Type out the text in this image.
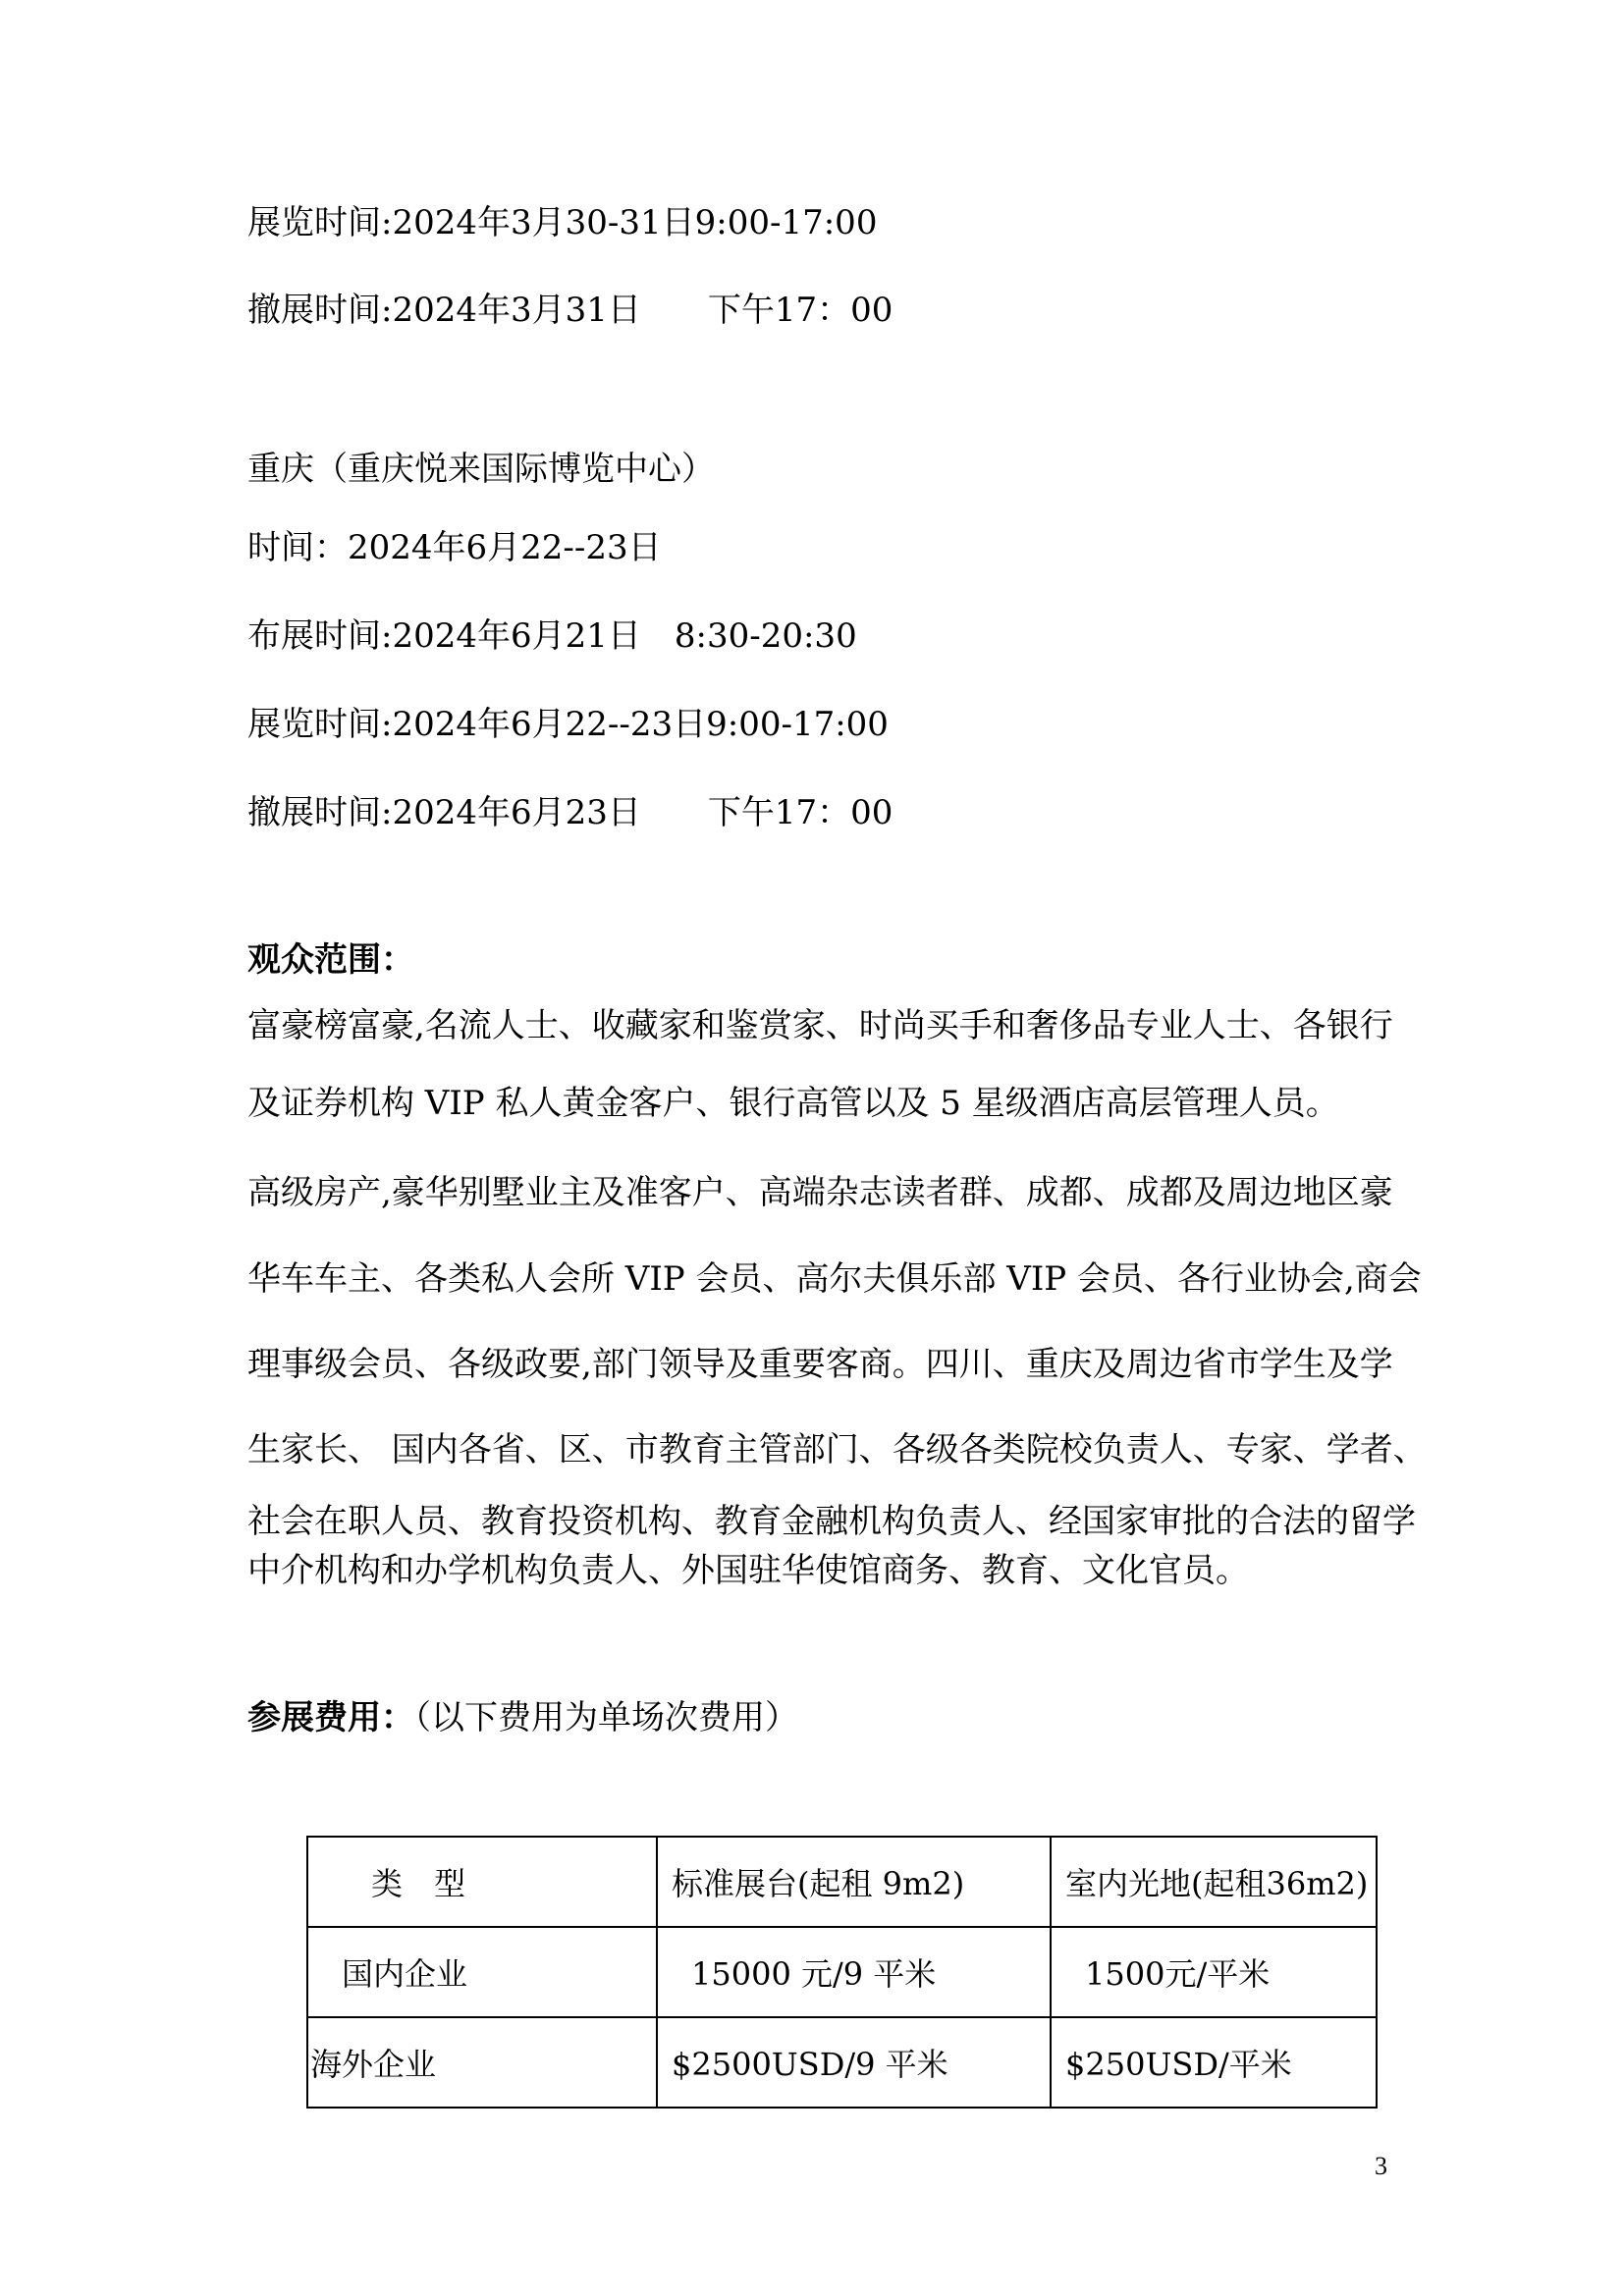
展览时间:2024年3月30-31日9:00-17:00

撤展时间:2024年3月31日　　下午17：00

重庆（重庆悦来国际博览中心）

时间：2024年6月22--23日

布展时间:2024年6月21日　8:30-20:30

展览时间:2024年6月22--23日9:00-17:00

撤展时间:2024年6月23日　　下午17：00

观众范围：

富豪榜富豪,名流人士、收藏家和鉴赏家、时尚买手和奢侈品专业人士、各银行

及证券机构 VIP 私人黄金客户、银行高管以及 5 星级酒店高层管理人员。

高级房产,豪华别墅业主及准客户、高端杂志读者群、成都、成都及周边地区豪

华车车主、各类私人会所 VIP 会员、高尔夫俱乐部 VIP 会员、各行业协会,商会

理事级会员、各级政要,部门领导及重要客商。四川、重庆及周边省市学生及学

生家长、 国内各省、区、市教育主管部门、各级各类院校负责人、专家、学者、

社会在职人员、教育投资机构、教育金融机构负责人、经国家审批的合法的留学

中介机构和办学机构负责人、外国驻华使馆商务、教育、文化官员。

参展费用：（以下费用为单场次费用）

类　型	标准展台(起租 9m2)	室内光地(起租36m2)
国内企业	15000 元/9 平米	1500元/平米
海外企业	$2500USD/9 平米	$250USD/平米
3
